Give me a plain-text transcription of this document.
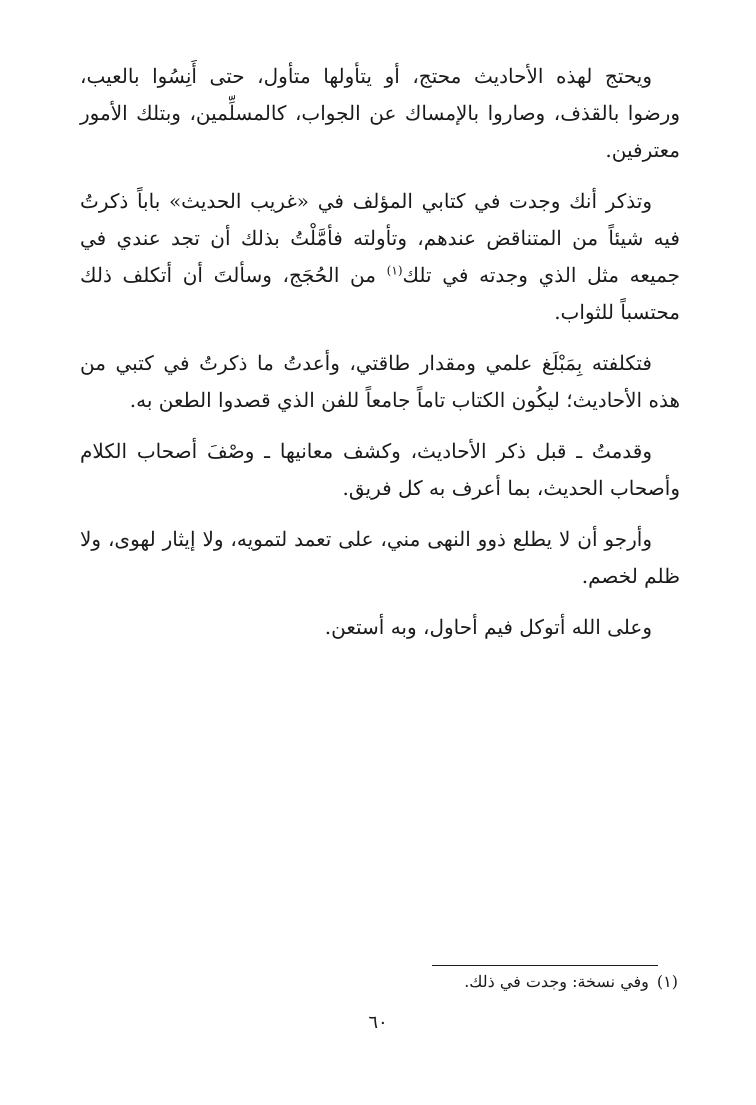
ويحتج لهذه الأحاديث محتج، أو يتأولها متأول، حتى أَنِسُوا بالعيب، ورضوا بالقذف، وصاروا بالإمساك عن الجواب، كالمسلِّمين، وبتلك الأمور معترفين.

وتذكر أنك وجدت في كتابي المؤلف في «غريب الحديث» باباً ذكرتُ فيه شيئاً من المتناقض عندهم، وتأولته فأمَّلْتُ بذلك أن تجد عندي في جميعه مثل الذي وجدته في تلك$^{(١)}$ من الحُجَج، وسألتَ أن أتكلف ذلك محتسباً للثواب.

فتكلفته بِمَبْلَغ علمي ومقدار طاقتي، وأعدتُ ما ذكرتُ في كتبي من هذه الأحاديث؛ ليكُون الكتاب تاماً جامعاً للفن الذي قصدوا الطعن به.

وقدمتُ ـ قبل ذكر الأحاديث، وكشف معانيها ـ وصْفَ أصحاب الكلام وأصحاب الحديث، بما أعرف به كل فريق.

وأرجو أن لا يطلع ذوو النهى مني، على تعمد لتمويه، ولا إيثار لهوى، ولا ظلم لخصم.

وعلى الله أتوكل فيم أحاول، وبه أستعن.

(١)وفي نسخة: وجدت في ذلك.
٦٠
